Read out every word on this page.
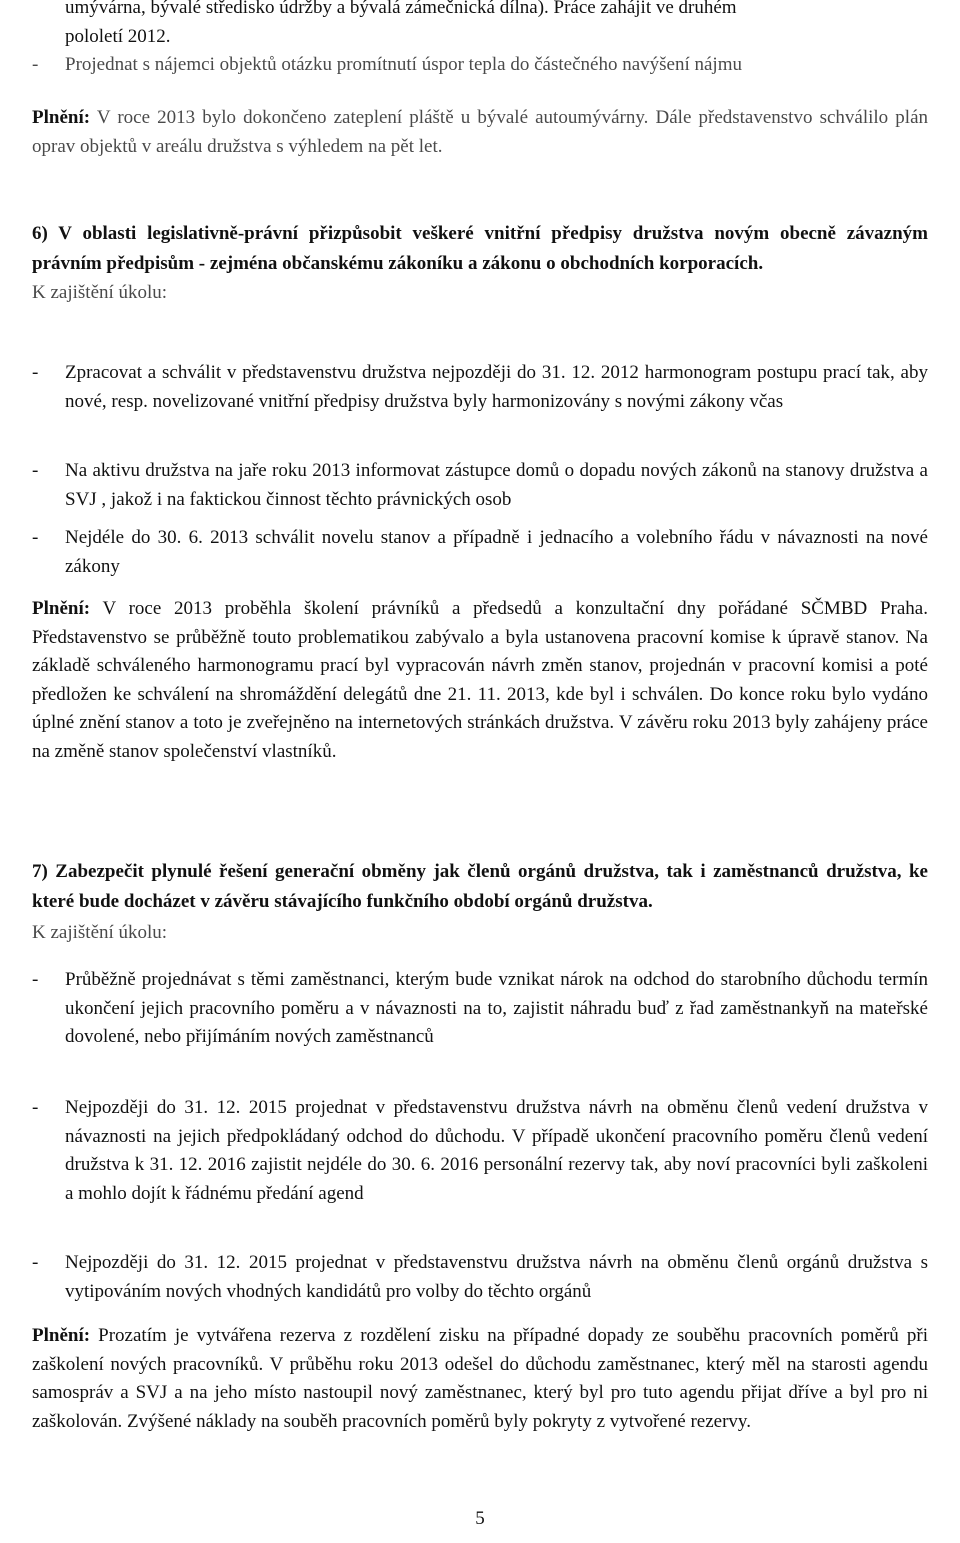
umývárna, bývalé středisko údržby a bývalá zámečnická dílna). Práce zahájit ve druhém

pololetí 2012.

- Projednat s nájemci objektů otázku promítnutí úspor tepla do částečného navýšení nájmu

Plnění: V roce 2013 bylo dokončeno zateplení pláště u bývalé autoumývárny. Dále představenstvo schválilo plán oprav objektů v areálu družstva s výhledem na pět let.

6) V oblasti legislativně-právní přizpůsobit veškeré vnitřní předpisy družstva novým obecně závazným právním předpisům - zejména občanskému zákoníku a zákonu o obchodních korporacích.

K zajištění úkolu:

- Zpracovat a schválit v představenstvu družstva nejpozději do 31. 12. 2012 harmonogram postupu prací tak, aby nové, resp. novelizované vnitřní předpisy družstva byly harmonizovány s novými zákony včas
- Na aktivu družstva na jaře roku 2013 informovat zástupce domů o dopadu nových zákonů na stanovy družstva a SVJ , jakož i na faktickou činnost těchto právnických osob
- Nejdéle do 30. 6. 2013 schválit novelu stanov a případně i jednacího a volebního řádu v návaznosti na nové zákony

Plnění: V roce 2013 proběhla školení právníků a předsedů a konzultační dny pořádané SČMBD Praha. Představenstvo se průběžně touto problematikou zabývalo a byla ustanovena pracovní komise k úpravě stanov. Na základě schváleného harmonogramu prací byl vypracován návrh změn stanov, projednán v pracovní komisi a poté předložen ke schválení na shromáždění delegátů dne 21. 11. 2013, kde byl i schválen. Do konce roku bylo vydáno úplné znění stanov a toto je zveřejněno na internetových stránkách družstva. V závěru roku 2013 byly zahájeny práce na změně stanov společenství vlastníků.

7) Zabezpečit plynulé řešení generační obměny jak členů orgánů družstva, tak i zaměstnanců družstva, ke které bude docházet v závěru stávajícího funkčního období orgánů družstva.

K zajištění úkolu:

- Průběžně projednávat s těmi zaměstnanci, kterým bude vznikat nárok na odchod do starobního důchodu termín ukončení jejich pracovního poměru a v návaznosti na to, zajistit náhradu buď z řad zaměstnankyň na mateřské dovolené, nebo přijímáním nových zaměstnanců
- Nejpozději do 31. 12. 2015 projednat v představenstvu družstva návrh na obměnu členů vedení družstva v návaznosti na jejich předpokládaný odchod do důchodu. V případě ukončení pracovního poměru členů vedení družstva k 31. 12. 2016 zajistit nejdéle do 30. 6. 2016 personální rezervy tak, aby noví pracovníci byli zaškoleni a mohlo dojít k řádnému předání agend
- Nejpozději do 31. 12. 2015 projednat v představenstvu družstva návrh na obměnu členů orgánů družstva s vytipováním nových vhodných kandidátů pro volby do těchto orgánů

Plnění: Prozatím je vytvářena rezerva z rozdělení zisku na případné dopady ze souběhu pracovních poměrů při zaškolení nových pracovníků. V průběhu roku 2013 odešel do důchodu zaměstnanec, který měl na starosti agendu samospráv a SVJ a na jeho místo nastoupil nový zaměstnanec, který byl pro tuto agendu přijat dříve a byl pro ni zaškolován. Zvýšené náklady na souběh pracovních poměrů byly pokryty z vytvořené rezervy.

5
